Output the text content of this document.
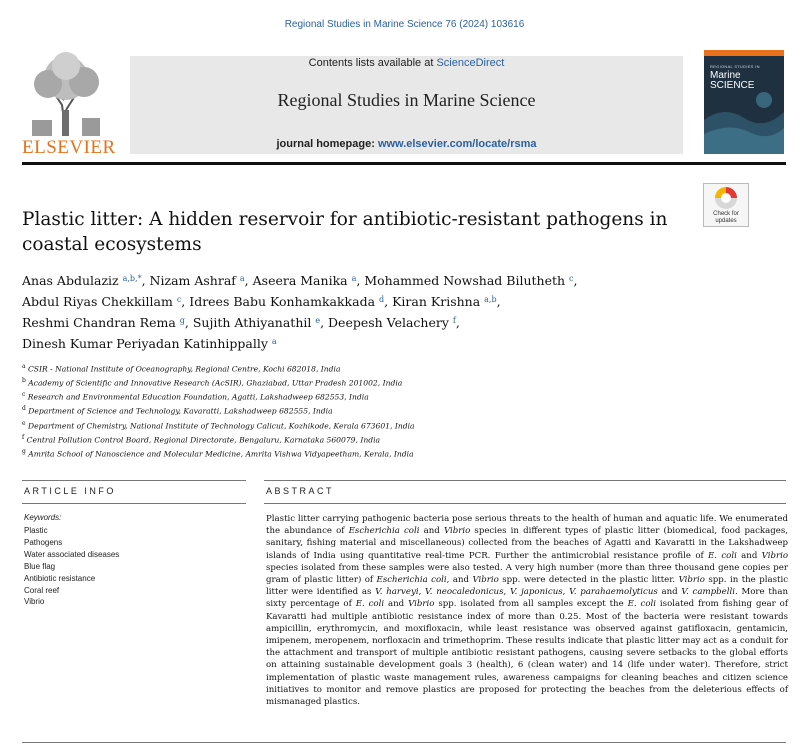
Regional Studies in Marine Science 76 (2024) 103616
ELSEVIER
Contents lists available at ScienceDirect
Regional Studies in Marine Science
journal homepage: www.elsevier.com/locate/rsma
REGIONAL STUDIES IN
Marine
SCIENCE
Check for
updates
Plastic litter: A hidden reservoir for antibiotic-resistant pathogens in coastal ecosystems
Anas Abdulaziz $^{a,b,*}$, Nizam Ashraf $^a$, Aseera Manika $^a$, Mohammed Nowshad Bilutheth $^c$,
Abdul Riyas Chekkillam $^c$, Idrees Babu Konhamkakkada $^d$, Kiran Krishna $^{a,b}$,
Reshmi Chandran Rema $^g$, Sujith Athiyanathil $^e$, Deepesh Velachery $^f$,
Dinesh Kumar Periyadan Katinhippally $^a$
$^a$ CSIR - National Institute of Oceanography, Regional Centre, Kochi 682018, India
$^b$ Academy of Scientific and Innovative Research (AcSIR), Ghaziabad, Uttar Pradesh 201002, India
$^c$ Research and Environmental Education Foundation, Agatti, Lakshadweep 682553, India
$^d$ Department of Science and Technology, Kavaratti, Lakshadweep 682555, India
$^e$ Department of Chemistry, National Institute of Technology Calicut, Kozhikode, Kerala 673601, India
$^f$ Central Pollution Control Board, Regional Directorate, Bengaluru, Karnataka 560079, India
$^g$ Amrita School of Nanoscience and Molecular Medicine, Amrita Vishwa Vidyapeetham, Kerala, India
ARTICLE INFO	ABSTRACT
Keywords:
Plastic
Pathogens
Water associated diseases
Blue flag
Antibiotic resistance
Coral reef
Vibrio
Plastic litter carrying pathogenic bacteria pose serious threats to the health of human and aquatic life. We enumerated the abundance of Escherichia coli and Vibrio species in different types of plastic litter (biomedical, food packages, sanitary, fishing material and miscellaneous) collected from the beaches of Agatti and Kavaratti in the Lakshadweep islands of India using quantitative real-time PCR. Further the antimicrobial resistance profile of E. coli and Vibrio species isolated from these samples were also tested. A very high number (more than three thousand gene copies per gram of plastic litter) of Escherichia coli, and Vibrio spp. were detected in the plastic litter. Vibrio spp. in the plastic litter were identified as V. harveyi, V. neocaledonicus, V. japonicus, V. parahaemolyticus and V. campbelli. More than sixty percentage of E. coli and Vibrio spp. isolated from all samples except the E. coli isolated from fishing gear of Kavaratti had multiple antibiotic resistance index of more than 0.25. Most of the bacteria were resistant towards ampicillin, erythromycin, and moxifloxacin, while least resistance was observed against gatifloxacin, gentamicin, imipenem, meropenem, norfloxacin and trimethoprim. These results indicate that plastic litter may act as a conduit for the attachment and transport of multiple antibiotic resistant pathogens, causing severe setbacks to the global efforts on attaining sustainable development goals 3 (health), 6 (clean water) and 14 (life under water). Therefore, strict implementation of plastic waste management rules, awareness campaigns for cleaning beaches and citizen science initiatives to monitor and remove plastics are proposed for protecting the beaches from the deleterious effects of mismanaged plastics.
